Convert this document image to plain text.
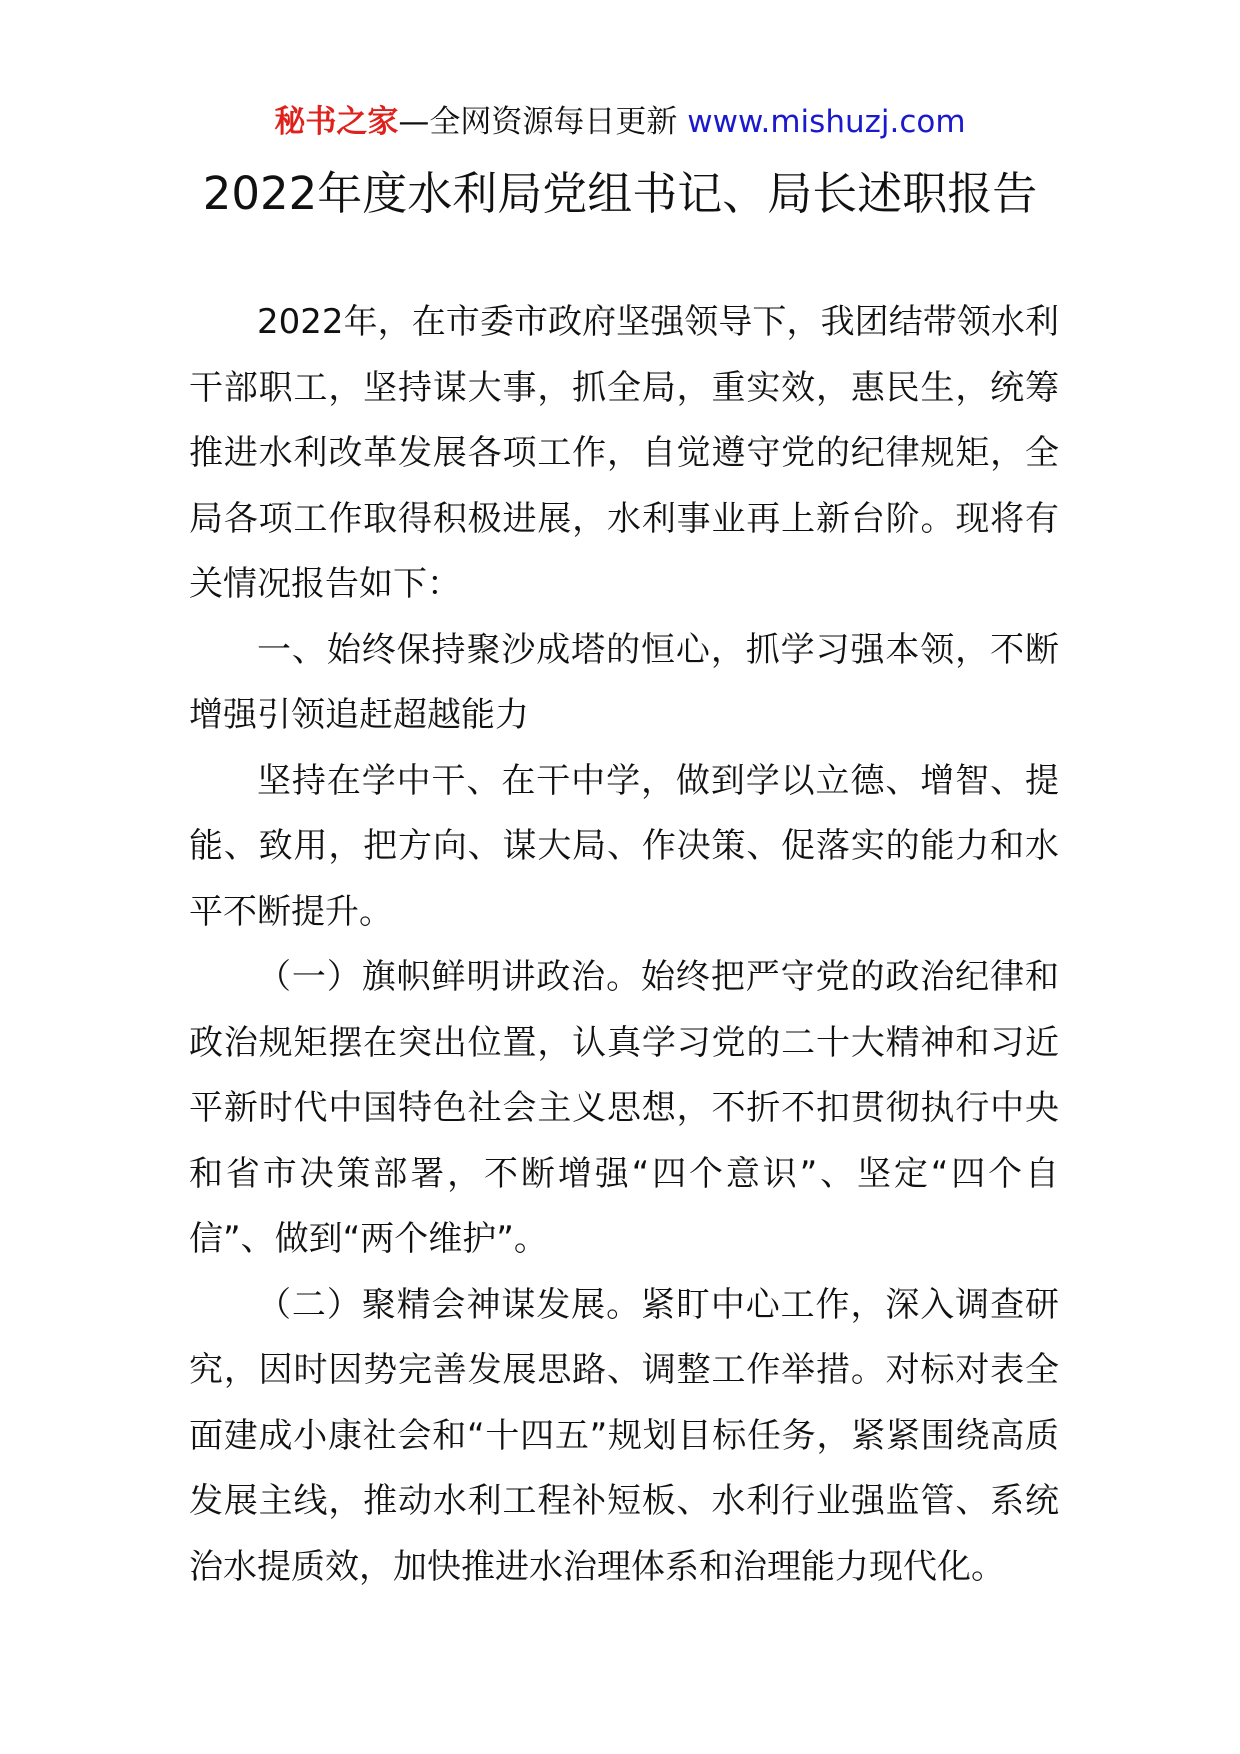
秘书之家—全网资源每日更新 www.mishuzj.com
2022年度水利局党组书记、局长述职报告

2022年，在市委市政府坚强领导下，我团结带领水利干部职工，坚持谋大事，抓全局，重实效，惠民生，统筹推进水利改革发展各项工作，自觉遵守党的纪律规矩，全局各项工作取得积极进展，水利事业再上新台阶。现将有关情况报告如下：

一、始终保持聚沙成塔的恒心，抓学习强本领，不断增强引领追赶超越能力

坚持在学中干、在干中学，做到学以立德、增智、提能、致用，把方向、谋大局、作决策、促落实的能力和水平不断提升。

（一）旗帜鲜明讲政治。始终把严守党的政治纪律和政治规矩摆在突出位置，认真学习党的二十大精神和习近平新时代中国特色社会主义思想，不折不扣贯彻执行中央和省市决策部署，不断增强“四个意识”、坚定“四个自信”、做到“两个维护”。

（二）聚精会神谋发展。紧盯中心工作，深入调查研究，因时因势完善发展思路、调整工作举措。对标对表全面建成小康社会和“十四五”规划目标任务，紧紧围绕高质发展主线，推动水利工程补短板、水利行业强监管、系统治水提质效，加快推进水治理体系和治理能力现代化。
